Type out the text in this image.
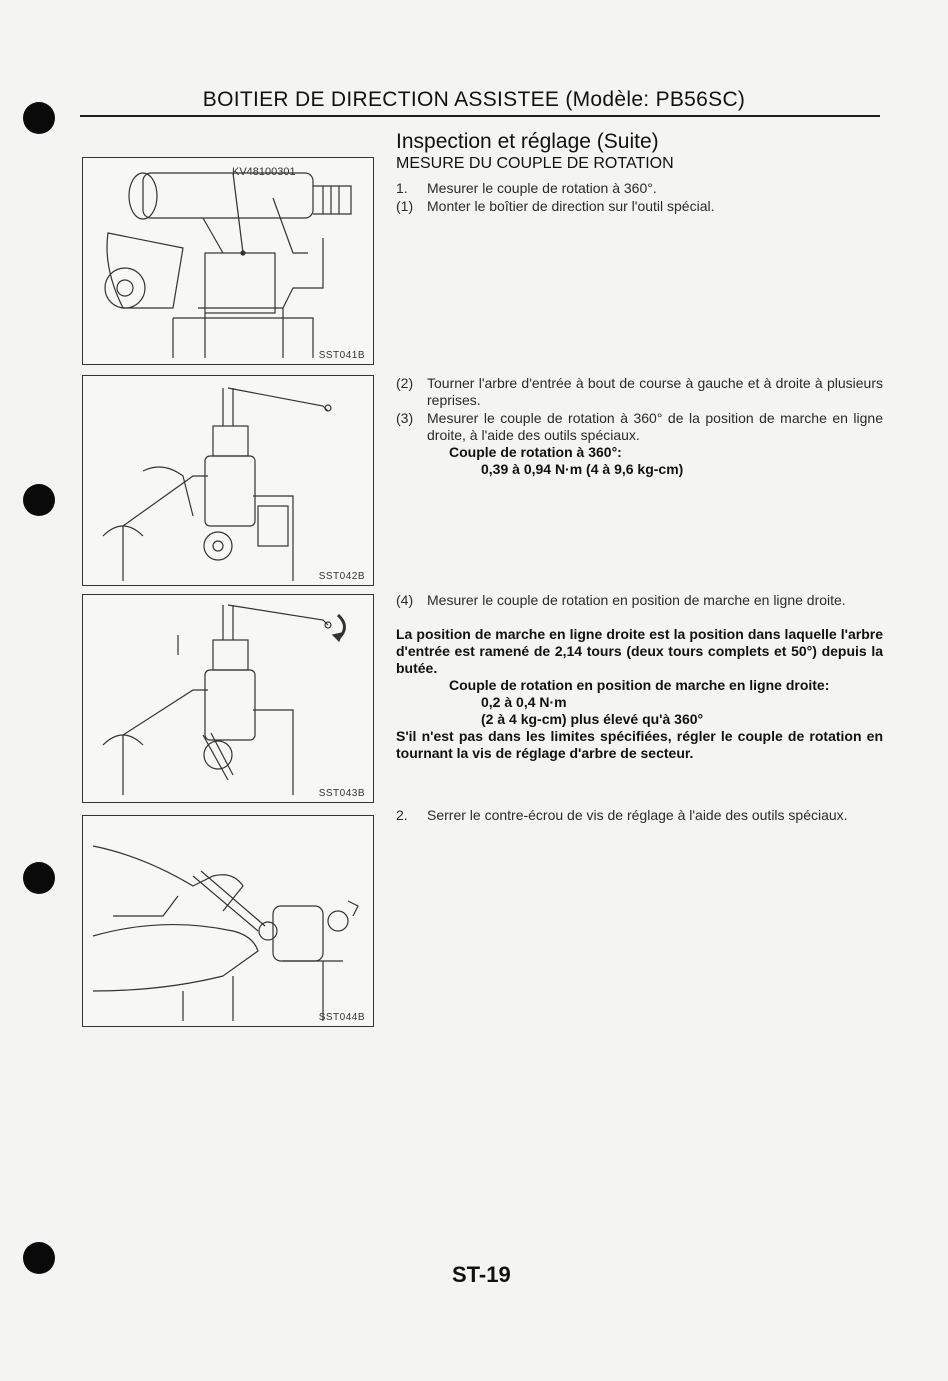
BOITIER DE DIRECTION ASSISTEE (Modèle: PB56SC)
Inspection et réglage (Suite)
MESURE DU COUPLE DE ROTATION
1. Mesurer le couple de rotation à 360°.
(1) Monter le boîtier de direction sur l'outil spécial.
(2) Tourner l'arbre d'entrée à bout de course à gauche et à droite à plusieurs reprises.
(3) Mesurer le couple de rotation à 360° de la position de marche en ligne droite, à l'aide des outils spéciaux.
Couple de rotation à 360°:
0,39 à 0,94 N·m (4 à 9,6 kg-cm)
(4) Mesurer le couple de rotation en position de marche en ligne droite.
La position de marche en ligne droite est la position dans laquelle l'arbre d'entrée est ramené de 2,14 tours (deux tours complets et 50°) depuis la butée.
Couple de rotation en position de marche en ligne droite:
0,2 à 0,4 N·m
(2 à 4 kg-cm) plus élevé qu'à 360°
S'il n'est pas dans les limites spécifiées, régler le couple de rotation en tournant la vis de réglage d'arbre de secteur.
2. Serrer le contre-écrou de vis de réglage à l'aide des outils spéciaux.
KV48100301
SST041B
SST042B
SST043B
SST044B
ST-19
